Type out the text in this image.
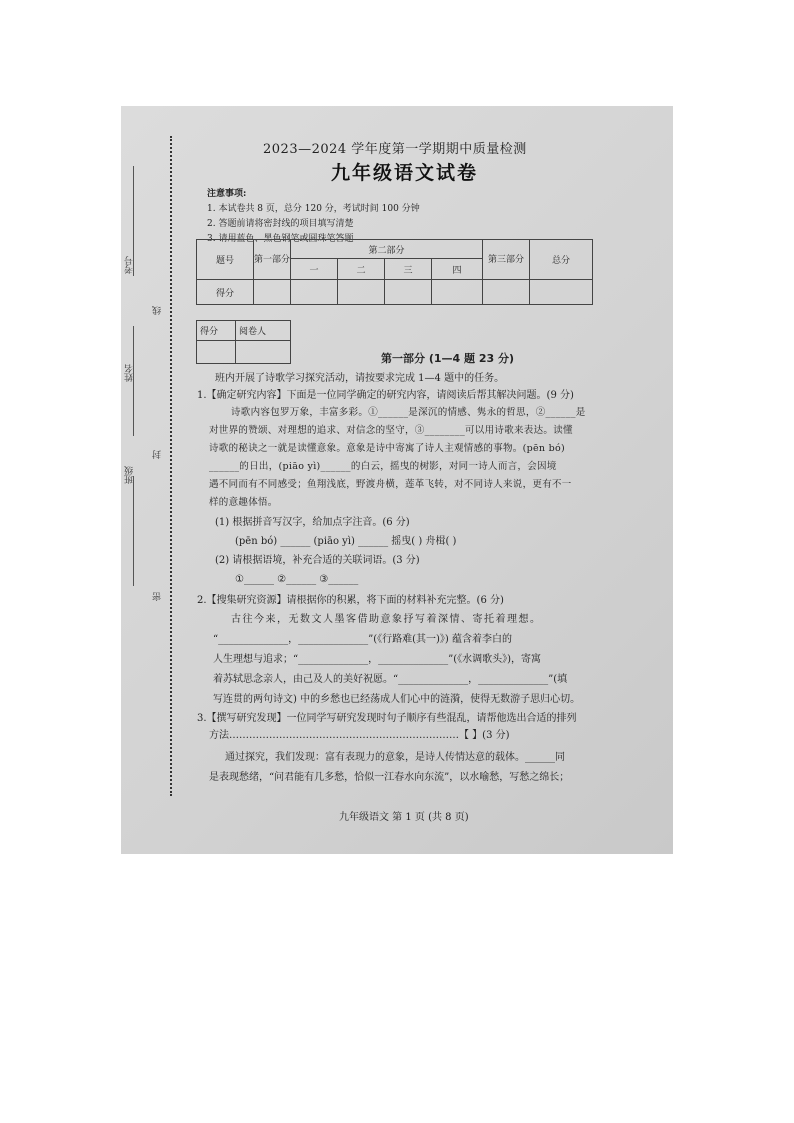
考号
姓名
班级
线
封
密
2023—2024 学年度第一学期期中质量检测
九年级语文试卷
注意事项:
1. 本试卷共 8 页，总分 120 分，考试时间 100 分钟
2. 答题前请将密封线的项目填写清楚
3. 请用蓝色、黑色钢笔或圆珠笔答题
题号	第一部分	第二部分				第三部分	总分
		一	二	三	四		
得分							
得分	阅卷人

第一部分 (1—4 题 23 分)
班内开展了诗歌学习探究活动，请按要求完成 1—4 题中的任务。
1.【确定研究内容】下面是一位同学确定的研究内容，请阅读后帮其解决问题。(9 分)
诗歌内容包罗万象，丰富多彩。①______是深沉的情感、隽永的哲思，②______是
对世界的赞颂、对理想的追求、对信念的坚守，③________可以用诗歌来表达。读懂
诗歌的秘诀之一就是读懂意象。意象是诗中寄寓了诗人主观情感的事物。(pēn bó)
______的日出，(piāo yì)______的白云，摇曳的树影，对同一诗人而言，会因境
遇不同而有不同感受；鱼翔浅底，野渡舟横，莲革飞转，对不同诗人来说，更有不一
样的意趣体悟。
(1) 根据拼音写汉字，给加点字注音。(6 分)
(pēn bó) ______ (piāo yì) ______ 摇曳( ) 舟楫( )
(2) 请根据语境，补充合适的关联词语。(3 分)
①______ ②______ ③______
2.【搜集研究资源】请根据你的积累，将下面的材料补充完整。(6 分)
古往今来，无数文人墨客借助意象抒写着深情、寄托着理想。
“______________，______________”(《行路难(其一)》) 蕴含着李白的
人生理想与追求；“______________，______________”(《水调歌头》)，寄寓
着苏轼思念亲人，由己及人的美好祝愿。“______________，______________”(填
写连贯的两句诗文) 中的乡愁也已经荡成人们心中的涟漪，使得无数游子思归心切。
3.【撰写研究发现】一位同学写研究发现时句子顺序有些混乱，请帮他选出合适的排列
方法……………………………………………………………【 】(3 分)
通过探究，我们发现：富有表现力的意象，是诗人传情达意的载体。______同
是表现愁绪，“问君能有几多愁，恰似一江春水向东流”，以水喻愁，写愁之绵长；
九年级语文 第 1 页 (共 8 页)
